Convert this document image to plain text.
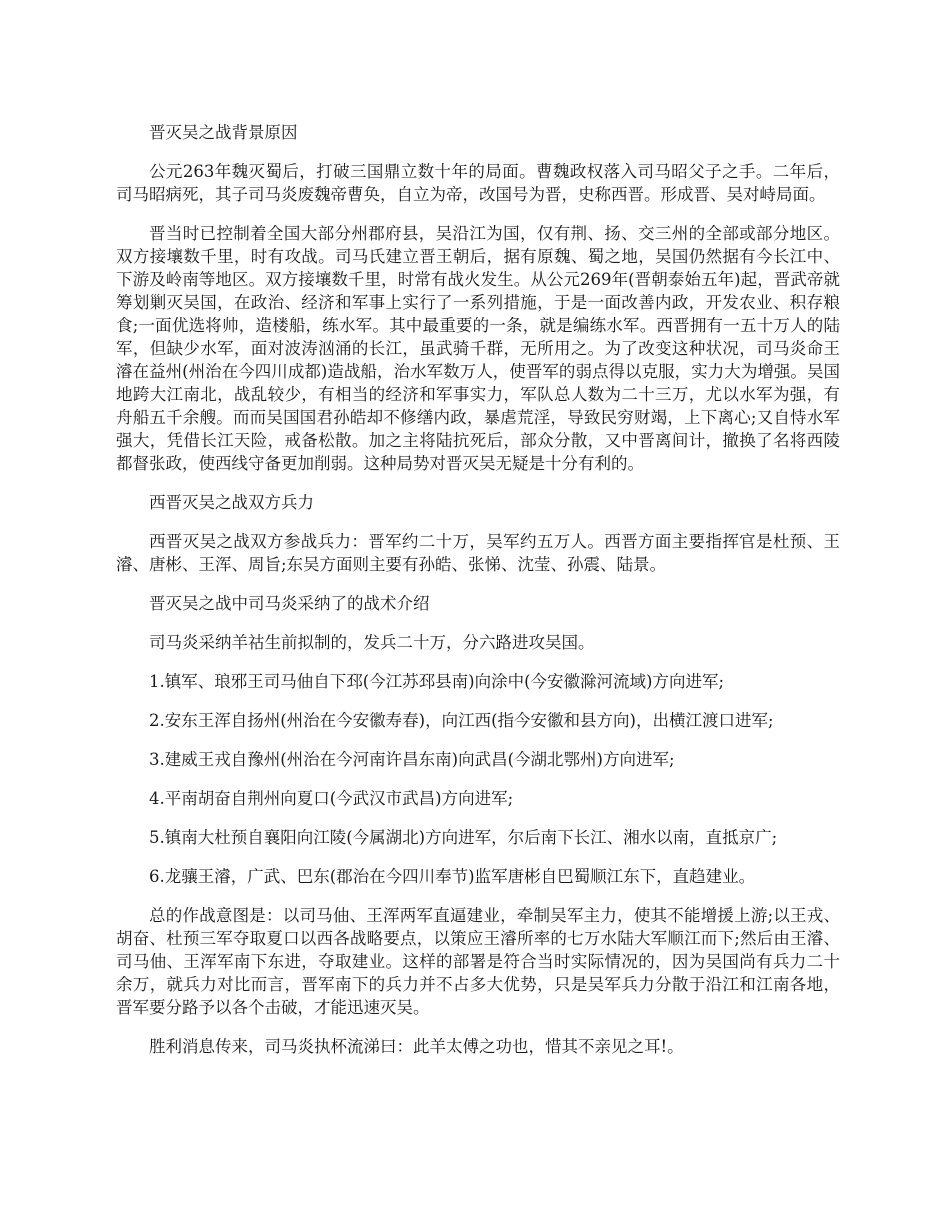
晋灭吴之战背景原因

公元263年魏灭蜀后，打破三国鼎立数十年的局面。曹魏政权落入司马昭父子之手。二年后，司马昭病死，其子司马炎废魏帝曹奂，自立为帝，改国号为晋，史称西晋。形成晋、吴对峙局面。

晋当时已控制着全国大部分州郡府县，吴沿江为国，仅有荆、扬、交三州的全部或部分地区。双方接壤数千里，时有攻战。司马氏建立晋王朝后，据有原魏、蜀之地，吴国仍然据有今长江中、下游及岭南等地区。双方接壤数千里，时常有战火发生。从公元269年(晋朝泰始五年)起，晋武帝就筹划剿灭吴国，在政治、经济和军事上实行了一系列措施，于是一面改善内政，开发农业、积存粮食;一面优选将帅，造楼船，练水军。其中最重要的一条，就是编练水军。西晋拥有一五十万人的陆军，但缺少水军，面对波涛汹涌的长江，虽武骑千群，无所用之。为了改变这种状况，司马炎命王濬在益州(州治在今四川成都)造战船，治水军数万人，使晋军的弱点得以克服，实力大为增强。吴国地跨大江南北，战乱较少，有相当的经济和军事实力，军队总人数为二十三万，尤以水军为强，有舟船五千余艘。而而吴国国君孙皓却不修缮内政，暴虐荒淫，导致民穷财竭，上下离心;又自恃水军强大，凭借长江天险，戒备松散。加之主将陆抗死后，部众分散，又中晋离间计，撤换了名将西陵都督张政，使西线守备更加削弱。这种局势对晋灭吴无疑是十分有利的。

西晋灭吴之战双方兵力

西晋灭吴之战双方参战兵力：晋军约二十万，吴军约五万人。西晋方面主要指挥官是杜预、王濬、唐彬、王浑、周旨;东吴方面则主要有孙皓、张悌、沈莹、孙震、陆景。

晋灭吴之战中司马炎采纳了的战术介绍

司马炎采纳羊祜生前拟制的，发兵二十万，分六路进攻吴国。

1.镇军、琅邪王司马伷自下邳(今江苏邳县南)向涂中(今安徽滁河流域)方向进军;

2.安东王浑自扬州(州治在今安徽寿春)，向江西(指今安徽和县方向)，出横江渡口进军;

3.建威王戎自豫州(州治在今河南许昌东南)向武昌(今湖北鄂州)方向进军;

4.平南胡奋自荆州向夏口(今武汉市武昌)方向进军;

5.镇南大杜预自襄阳向江陵(今属湖北)方向进军，尔后南下长江、湘水以南，直抵京广;

6.龙骧王濬，广武、巴东(郡治在今四川奉节)监军唐彬自巴蜀顺江东下，直趋建业。

总的作战意图是：以司马伷、王浑两军直逼建业，牵制吴军主力，使其不能增援上游;以王戎、胡奋、杜预三军夺取夏口以西各战略要点，以策应王濬所率的七万水陆大军顺江而下;然后由王濬、司马伷、王浑军南下东进，夺取建业。这样的部署是符合当时实际情况的，因为吴国尚有兵力二十余万，就兵力对比而言，晋军南下的兵力并不占多大优势，只是吴军兵力分散于沿江和江南各地，晋军要分路予以各个击破，才能迅速灭吴。

胜利消息传来，司马炎执杯流涕曰：此羊太傅之功也，惜其不亲见之耳!。
